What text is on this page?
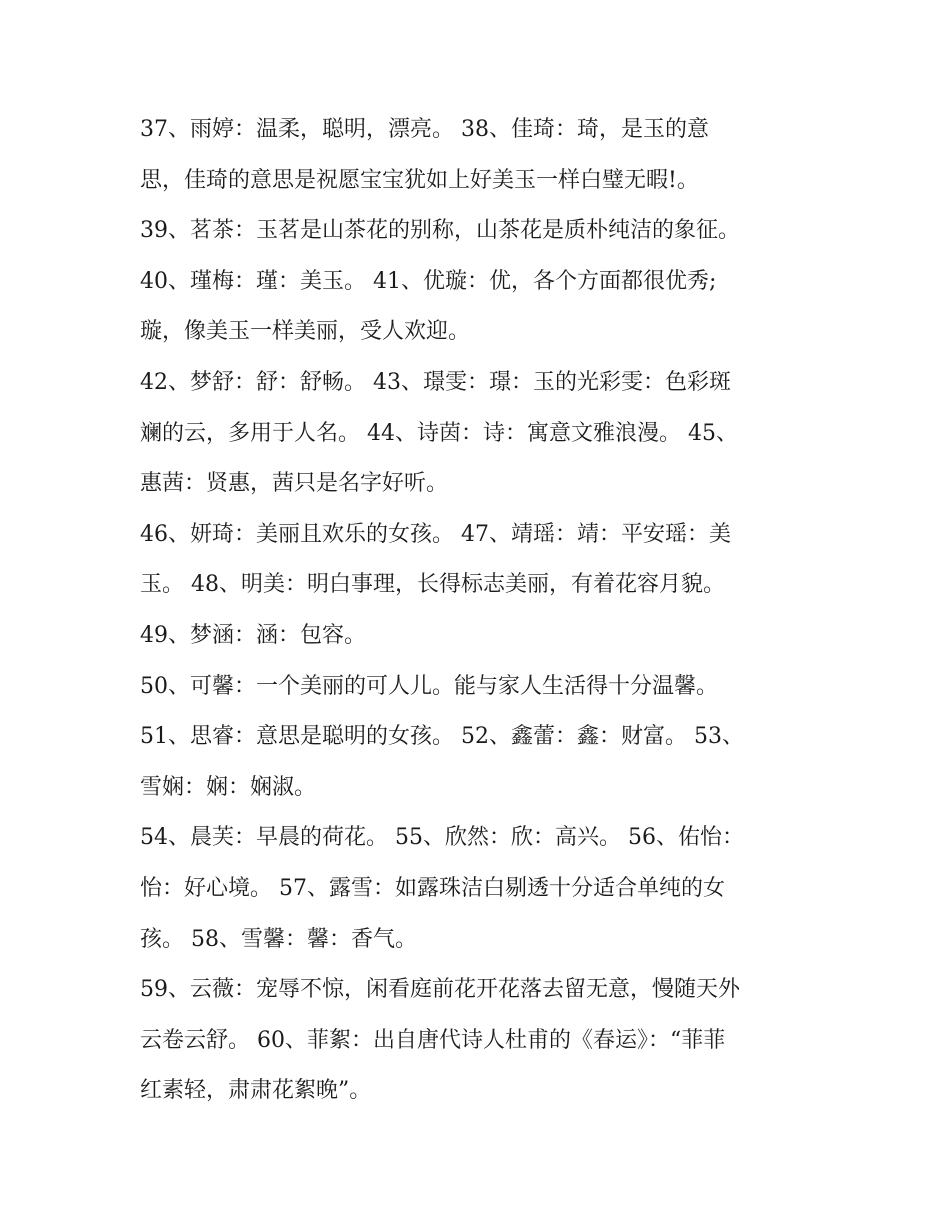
37、雨婷：温柔，聪明，漂亮。 38、佳琦：琦，是玉的意
思，佳琦的意思是祝愿宝宝犹如上好美玉一样白璧无暇!。
39、茗茶：玉茗是山茶花的别称，山茶花是质朴纯洁的象征。
40、瑾梅：瑾：美玉。 41、优璇：优，各个方面都很优秀;
璇，像美玉一样美丽，受人欢迎。
42、梦舒：舒：舒畅。 43、璟雯：璟：玉的光彩雯：色彩斑
斓的云，多用于人名。 44、诗茵：诗：寓意文雅浪漫。 45、
惠茜：贤惠，茜只是名字好听。
46、妍琦：美丽且欢乐的女孩。 47、靖瑶：靖：平安瑶：美
玉。 48、明美：明白事理，长得标志美丽，有着花容月貌。
49、梦涵：涵：包容。
50、可馨：一个美丽的可人儿。能与家人生活得十分温馨。
51、思睿：意思是聪明的女孩。 52、鑫蕾：鑫：财富。 53、
雪娴：娴：娴淑。
54、晨芙：早晨的荷花。 55、欣然：欣：高兴。 56、佑怡：
怡：好心境。 57、露雪：如露珠洁白剔透十分适合单纯的女
孩。 58、雪馨：馨：香气。
59、云薇：宠辱不惊，闲看庭前花开花落去留无意，慢随天外
云卷云舒。 60、菲絮：出自唐代诗人杜甫的《春运》：“菲菲
红素轻，肃肃花絮晚”。
